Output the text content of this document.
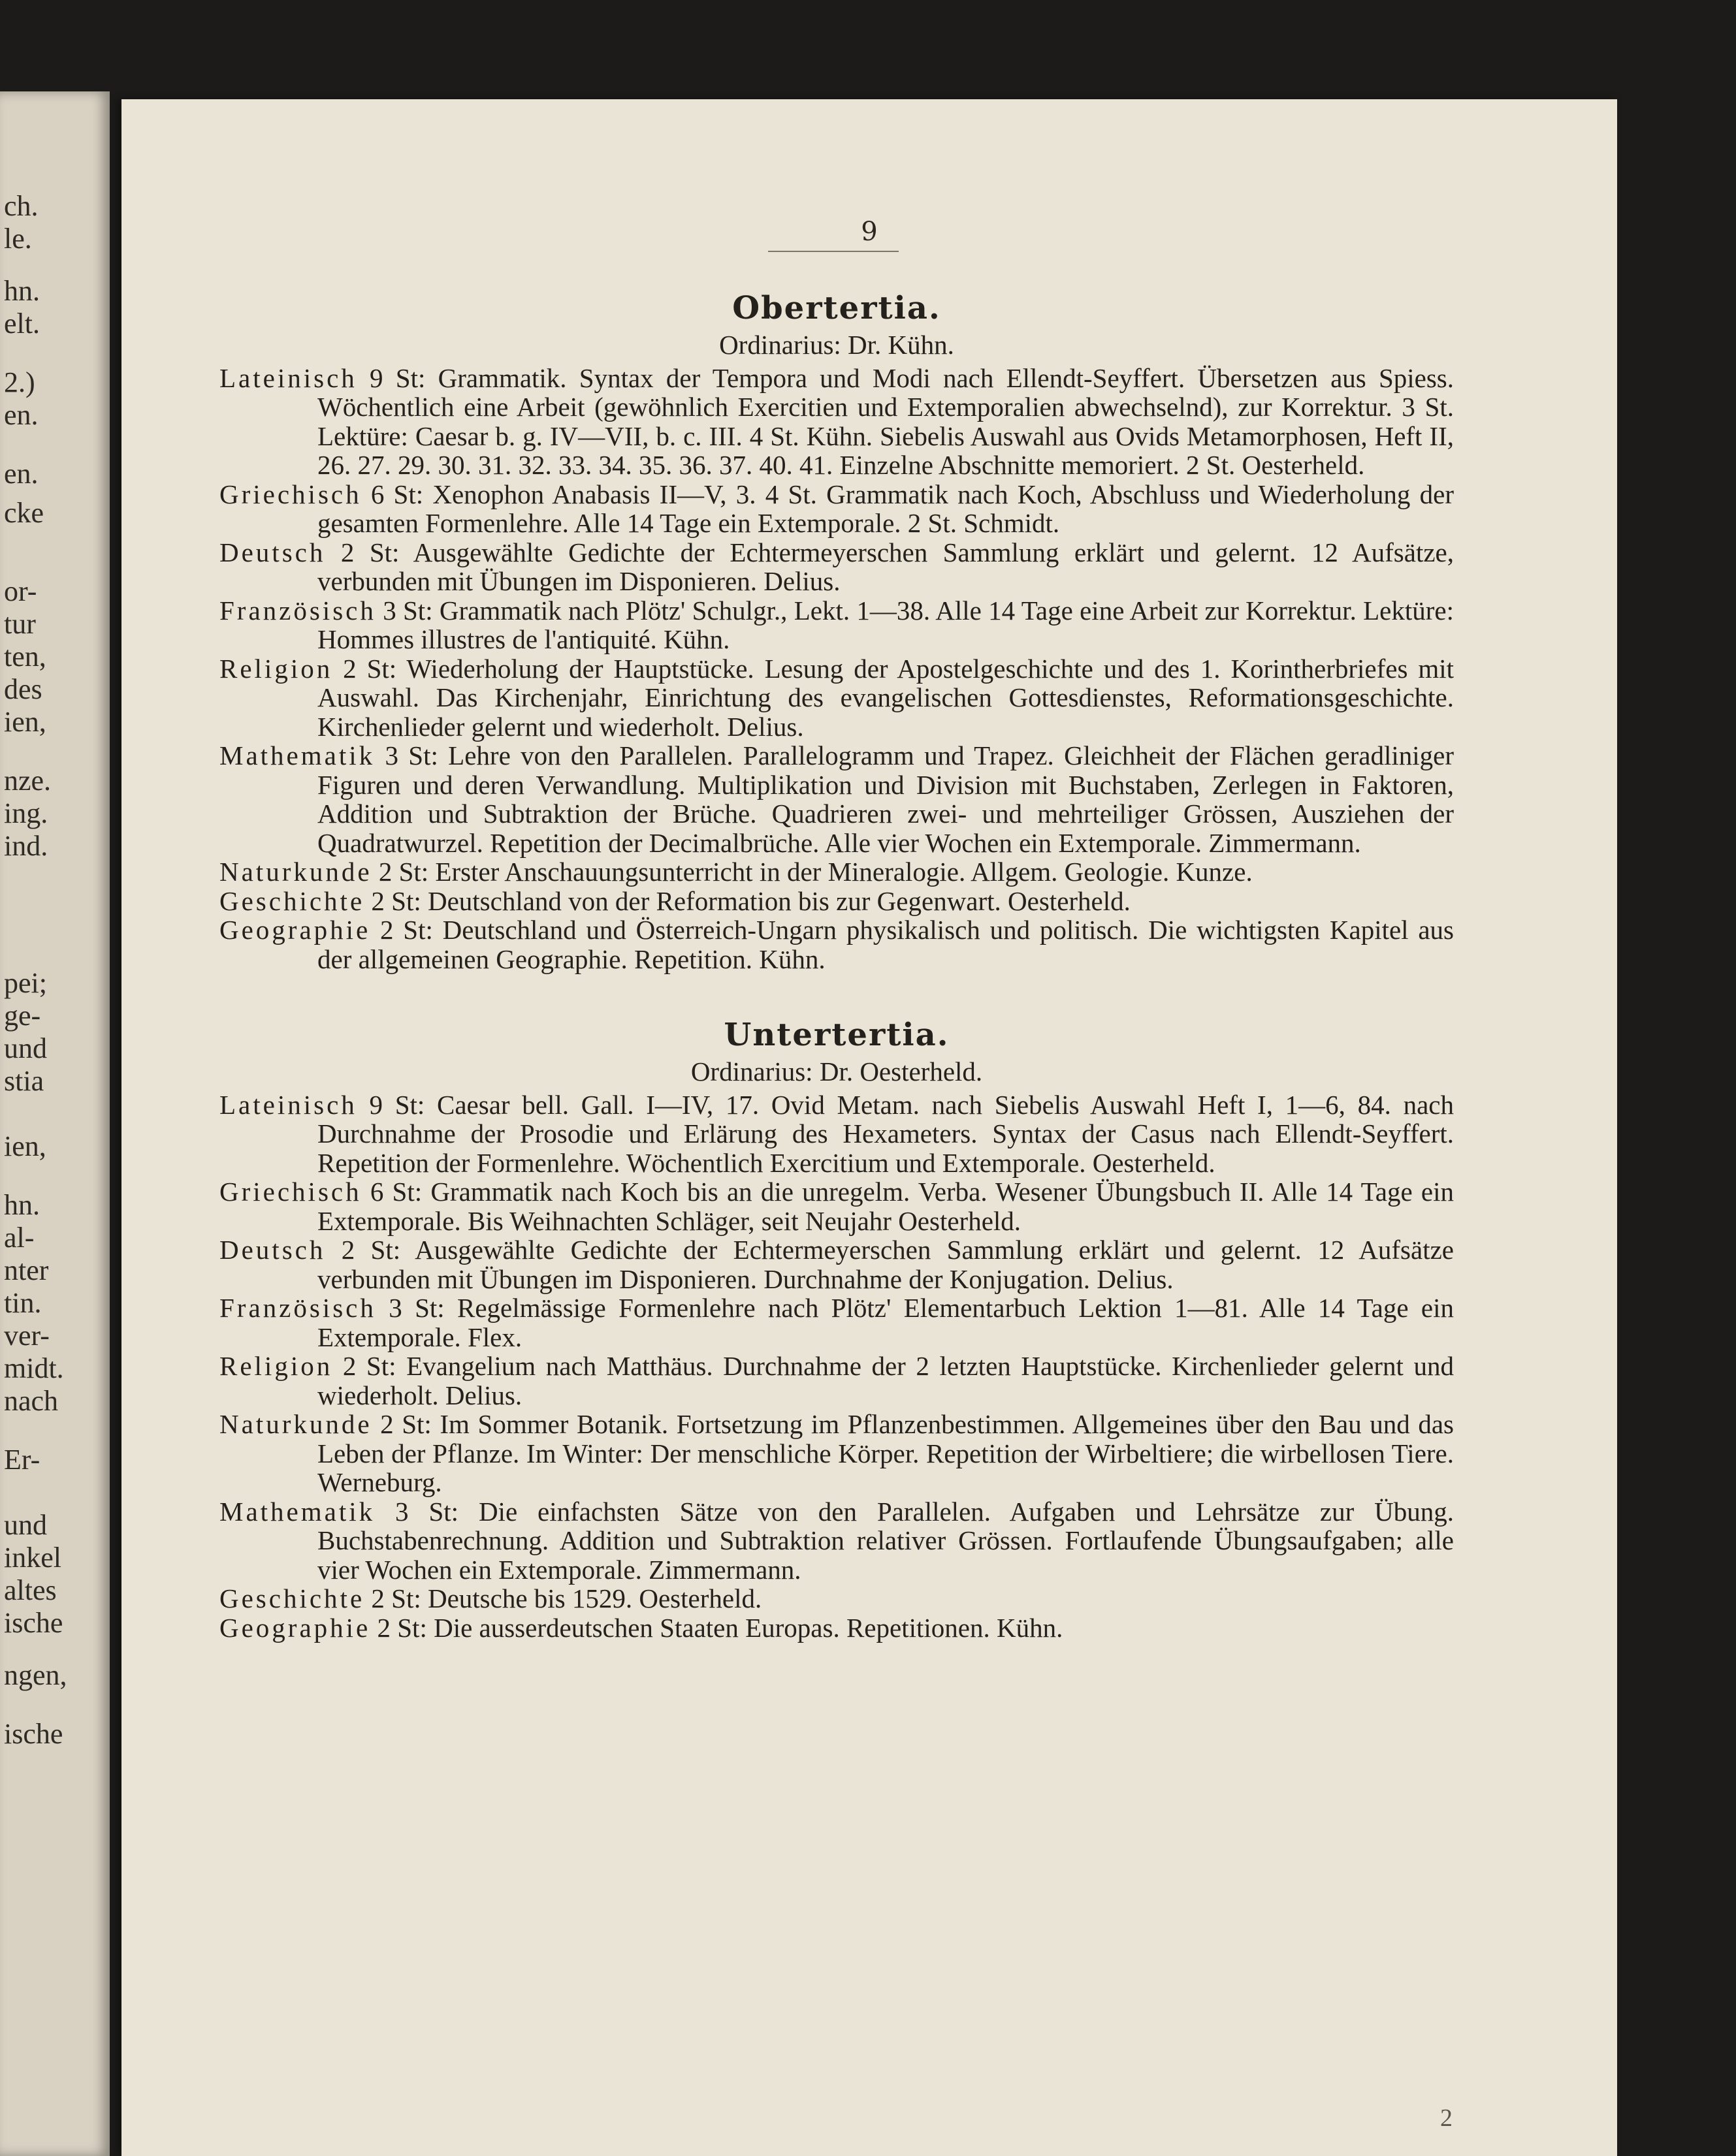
ch.
le.
hn.
elt.
2.)
en.
en.
cke
or-
tur
ten,
des
ien,
nze.
ing.
ind.
pei;
ge-
und
stia
ien,
hn.
al-
nter
tin.
ver-
midt.
nach
Er-
und
inkel
altes
ische
ngen,
ische
9
Obertertia.
Ordinarius: Dr. Kühn.
Lateinisch 9 St: Grammatik. Syntax der Tempora und Modi nach Ellendt-Seyffert. Übersetzen aus Spiess. Wöchentlich eine Arbeit (gewöhnlich Exercitien und Extemporalien abwechselnd), zur Korrektur. 3 St. Lektüre: Caesar b. g. IV—VII, b. c. III. 4 St. Kühn. Siebelis Auswahl aus Ovids Metamorphosen, Heft II, 26. 27. 29. 30. 31. 32. 33. 34. 35. 36. 37. 40. 41. Einzelne Abschnitte memoriert. 2 St. Oesterheld.
Griechisch 6 St: Xenophon Anabasis II—V, 3. 4 St. Grammatik nach Koch, Abschluss und Wiederholung der gesamten Formenlehre. Alle 14 Tage ein Extemporale. 2 St. Schmidt.
Deutsch 2 St: Ausgewählte Gedichte der Echtermeyerschen Sammlung erklärt und gelernt. 12 Aufsätze, verbunden mit Übungen im Disponieren. Delius.
Französisch 3 St: Grammatik nach Plötz' Schulgr., Lekt. 1—38. Alle 14 Tage eine Arbeit zur Korrektur. Lektüre: Hommes illustres de l'antiquité. Kühn.
Religion 2 St: Wiederholung der Hauptstücke. Lesung der Apostelgeschichte und des 1. Korintherbriefes mit Auswahl. Das Kirchenjahr, Einrichtung des evangelischen Gottesdienstes, Reformationsgeschichte. Kirchenlieder gelernt und wiederholt. Delius.
Mathematik 3 St: Lehre von den Parallelen. Parallelogramm und Trapez. Gleichheit der Flächen geradliniger Figuren und deren Verwandlung. Multiplikation und Division mit Buchstaben, Zerlegen in Faktoren, Addition und Subtraktion der Brüche. Quadrieren zwei- und mehrteiliger Grössen, Ausziehen der Quadratwurzel. Repetition der Decimalbrüche. Alle vier Wochen ein Extemporale. Zimmermann.
Naturkunde 2 St: Erster Anschauungsunterricht in der Mineralogie. Allgem. Geologie. Kunze.
Geschichte 2 St: Deutschland von der Reformation bis zur Gegenwart. Oesterheld.
Geographie 2 St: Deutschland und Österreich-Ungarn physikalisch und politisch. Die wichtigsten Kapitel aus der allgemeinen Geographie. Repetition. Kühn.
Untertertia.
Ordinarius: Dr. Oesterheld.
Lateinisch 9 St: Caesar bell. Gall. I—IV, 17. Ovid Metam. nach Siebelis Auswahl Heft I, 1—6, 84. nach Durchnahme der Prosodie und Erlärung des Hexameters. Syntax der Casus nach Ellendt-Seyffert. Repetition der Formenlehre. Wöchentlich Exercitium und Extemporale. Oesterheld.
Griechisch 6 St: Grammatik nach Koch bis an die unregelm. Verba. Wesener Übungsbuch II. Alle 14 Tage ein Extemporale. Bis Weihnachten Schläger, seit Neujahr Oesterheld.
Deutsch 2 St: Ausgewählte Gedichte der Echtermeyerschen Sammlung erklärt und gelernt. 12 Aufsätze verbunden mit Übungen im Disponieren. Durchnahme der Konjugation. Delius.
Französisch 3 St: Regelmässige Formenlehre nach Plötz' Elementarbuch Lektion 1—81. Alle 14 Tage ein Extemporale. Flex.
Religion 2 St: Evangelium nach Matthäus. Durchnahme der 2 letzten Hauptstücke. Kirchenlieder gelernt und wiederholt. Delius.
Naturkunde 2 St: Im Sommer Botanik. Fortsetzung im Pflanzenbestimmen. Allgemeines über den Bau und das Leben der Pflanze. Im Winter: Der menschliche Körper. Repetition der Wirbeltiere; die wirbellosen Tiere. Werneburg.
Mathematik 3 St: Die einfachsten Sätze von den Parallelen. Aufgaben und Lehrsätze zur Übung. Buchstabenrechnung. Addition und Subtraktion relativer Grössen. Fortlaufende Übungsaufgaben; alle vier Wochen ein Extemporale. Zimmermann.
Geschichte 2 St: Deutsche bis 1529. Oesterheld.
Geographie 2 St: Die ausserdeutschen Staaten Europas. Repetitionen. Kühn.
2
